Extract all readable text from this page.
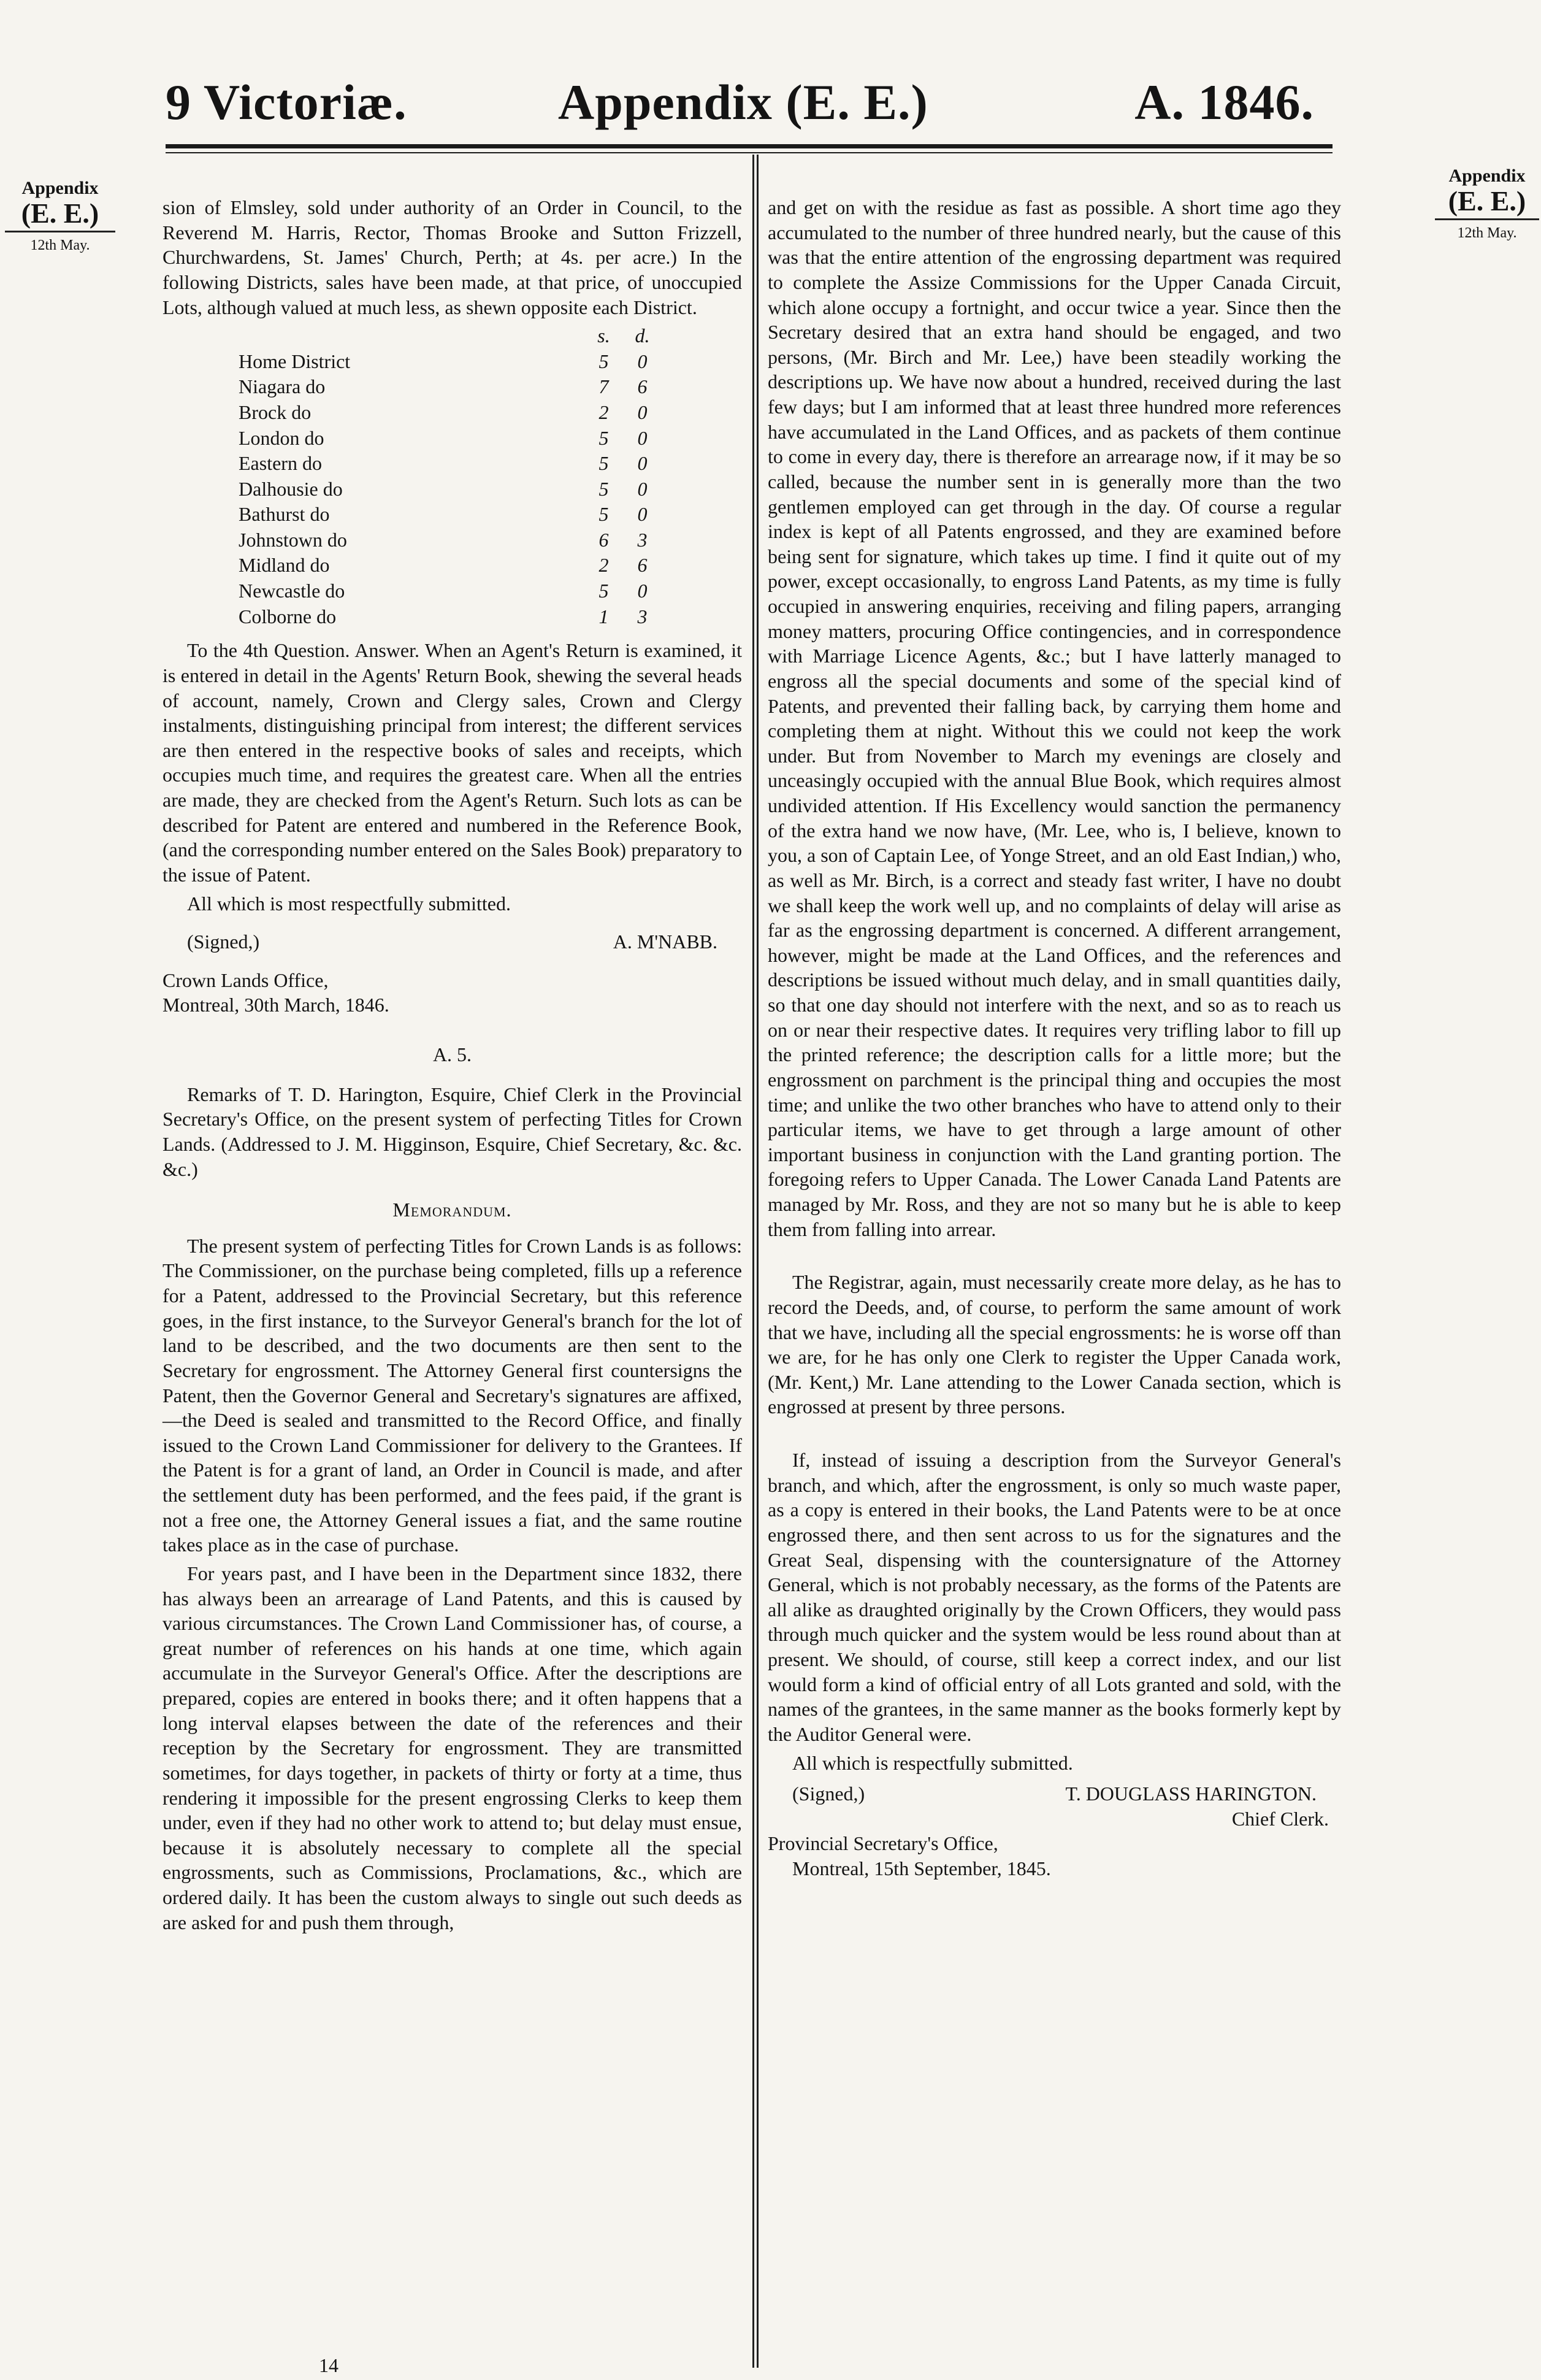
9 Victoriæ.	Appendix (E. E.)	A. 1846.
Appendix
(E. E.)
12th May.
Appendix
(E. E.)
12th May.

sion of Elmsley, sold under authority of an Order in Council, to the Reverend M. Harris, Rector, Thomas Brooke and Sutton Frizzell, Churchwardens, St. James' Church, Perth; at 4s. per acre.) In the following Districts, sales have been made, at that price, of unoccupied Lots, although valued at much less, as shewn opposite each District.

	s.	d.
Home District	5	0
Niagara do	7	6
Brock do	2	0
London do	5	0
Eastern do	5	0
Dalhousie do	5	0
Bathurst do	5	0
Johnstown do	6	3
Midland do	2	6
Newcastle do	5	0
Colborne do	1	3

To the 4th Question. Answer. When an Agent's Return is examined, it is entered in detail in the Agents' Return Book, shewing the several heads of account, namely, Crown and Clergy sales, Crown and Clergy instalments, distinguishing principal from interest; the different services are then entered in the respective books of sales and receipts, which occupies much time, and requires the greatest care. When all the entries are made, they are checked from the Agent's Return. Such lots as can be described for Patent are entered and numbered in the Reference Book, (and the corresponding number entered on the Sales Book) preparatory to the issue of Patent.

All which is most respectfully submitted.

(Signed,)	A. M'NABB.
Crown Lands Office,
Montreal, 30th March, 1846.
A. 5.

Remarks of T. D. Harington, Esquire, Chief Clerk in the Provincial Secretary's Office, on the present system of perfecting Titles for Crown Lands. (Addressed to J. M. Higginson, Esquire, Chief Secretary, &c. &c. &c.)

Memorandum.

The present system of perfecting Titles for Crown Lands is as follows: The Commissioner, on the purchase being completed, fills up a reference for a Patent, addressed to the Provincial Secretary, but this reference goes, in the first instance, to the Surveyor General's branch for the lot of land to be described, and the two documents are then sent to the Secretary for engrossment. The Attorney General first countersigns the Patent, then the Governor General and Secretary's signatures are affixed,—the Deed is sealed and transmitted to the Record Office, and finally issued to the Crown Land Commissioner for delivery to the Grantees. If the Patent is for a grant of land, an Order in Council is made, and after the settlement duty has been performed, and the fees paid, if the grant is not a free one, the Attorney General issues a fiat, and the same routine takes place as in the case of purchase.

For years past, and I have been in the Department since 1832, there has always been an arrearage of Land Patents, and this is caused by various circumstances. The Crown Land Commissioner has, of course, a great number of references on his hands at one time, which again accumulate in the Surveyor General's Office. After the descriptions are prepared, copies are entered in books there; and it often happens that a long interval elapses between the date of the references and their reception by the Secretary for engrossment. They are transmitted sometimes, for days together, in packets of thirty or forty at a time, thus rendering it impossible for the present engrossing Clerks to keep them under, even if they had no other work to attend to; but delay must ensue, because it is absolutely necessary to complete all the special engrossments, such as Commissions, Proclamations, &c., which are ordered daily. It has been the custom always to single out such deeds as are asked for and push them through,

14

and get on with the residue as fast as possible. A short time ago they accumulated to the number of three hundred nearly, but the cause of this was that the entire attention of the engrossing department was required to complete the Assize Commissions for the Upper Canada Circuit, which alone occupy a fortnight, and occur twice a year. Since then the Secretary desired that an extra hand should be engaged, and two persons, (Mr. Birch and Mr. Lee,) have been steadily working the descriptions up. We have now about a hundred, received during the last few days; but I am informed that at least three hundred more references have accumulated in the Land Offices, and as packets of them continue to come in every day, there is therefore an arrearage now, if it may be so called, because the number sent in is generally more than the two gentlemen employed can get through in the day. Of course a regular index is kept of all Patents engrossed, and they are examined before being sent for signature, which takes up time. I find it quite out of my power, except occasionally, to engross Land Patents, as my time is fully occupied in answering enquiries, receiving and filing papers, arranging money matters, procuring Office contingencies, and in correspondence with Marriage Licence Agents, &c.; but I have latterly managed to engross all the special documents and some of the special kind of Patents, and prevented their falling back, by carrying them home and completing them at night. Without this we could not keep the work under. But from November to March my evenings are closely and unceasingly occupied with the annual Blue Book, which requires almost undivided attention. If His Excellency would sanction the permanency of the extra hand we now have, (Mr. Lee, who is, I believe, known to you, a son of Captain Lee, of Yonge Street, and an old East Indian,) who, as well as Mr. Birch, is a correct and steady fast writer, I have no doubt we shall keep the work well up, and no complaints of delay will arise as far as the engrossing department is concerned. A different arrangement, however, might be made at the Land Offices, and the references and descriptions be issued without much delay, and in small quantities daily, so that one day should not interfere with the next, and so as to reach us on or near their respective dates. It requires very trifling labor to fill up the printed reference; the description calls for a little more; but the engrossment on parchment is the principal thing and occupies the most time; and unlike the two other branches who have to attend only to their particular items, we have to get through a large amount of other important business in conjunction with the Land granting portion. The foregoing refers to Upper Canada. The Lower Canada Land Patents are managed by Mr. Ross, and they are not so many but he is able to keep them from falling into arrear.

The Registrar, again, must necessarily create more delay, as he has to record the Deeds, and, of course, to perform the same amount of work that we have, including all the special engrossments: he is worse off than we are, for he has only one Clerk to register the Upper Canada work, (Mr. Kent,) Mr. Lane attending to the Lower Canada section, which is engrossed at present by three persons.

If, instead of issuing a description from the Surveyor General's branch, and which, after the engrossment, is only so much waste paper, as a copy is entered in their books, the Land Patents were to be at once engrossed there, and then sent across to us for the signatures and the Great Seal, dispensing with the countersignature of the Attorney General, which is not probably necessary, as the forms of the Patents are all alike as draughted originally by the Crown Officers, they would pass through much quicker and the system would be less round about than at present. We should, of course, still keep a correct index, and our list would form a kind of official entry of all Lots granted and sold, with the names of the grantees, in the same manner as the books formerly kept by the Auditor General were.

All which is respectfully submitted.

(Signed,)	T. DOUGLASS HARINGTON.
Chief Clerk.
Provincial Secretary's Office,
Montreal, 15th September, 1845.
